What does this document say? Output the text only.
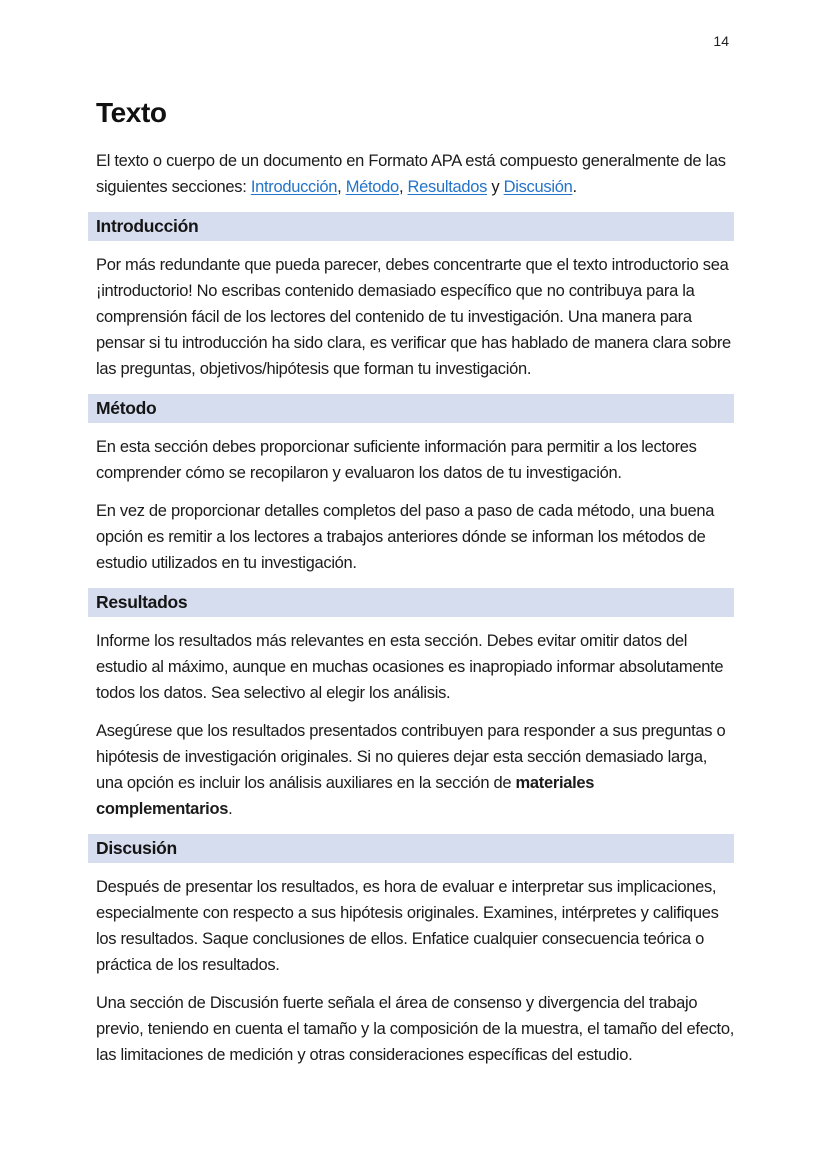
14
Texto

El texto o cuerpo de un documento en Formato APA está compuesto generalmente de las siguientes secciones: Introducción, Método, Resultados y Discusión.

Introducción

Por más redundante que pueda parecer, debes concentrarte que el texto introductorio sea ¡introductorio! No escribas contenido demasiado específico que no contribuya para la comprensión fácil de los lectores del contenido de tu investigación. Una manera para pensar si tu introducción ha sido clara, es verificar que has hablado de manera clara sobre las preguntas, objetivos/hipótesis que forman tu investigación.

Método

En esta sección debes proporcionar suficiente información para permitir a los lectores comprender cómo se recopilaron y evaluaron los datos de tu investigación.

En vez de proporcionar detalles completos del paso a paso de cada método, una buena opción es remitir a los lectores a trabajos anteriores dónde se informan los métodos de estudio utilizados en tu investigación.

Resultados

Informe los resultados más relevantes en esta sección. Debes evitar omitir datos del estudio al máximo, aunque en muchas ocasiones es inapropiado informar absolutamente todos los datos. Sea selectivo al elegir los análisis.

Asegúrese que los resultados presentados contribuyen para responder a sus preguntas o hipótesis de investigación originales. Si no quieres dejar esta sección demasiado larga, una opción es incluir los análisis auxiliares en la sección de materiales complementarios.

Discusión

Después de presentar los resultados, es hora de evaluar e interpretar sus implicaciones, especialmente con respecto a sus hipótesis originales. Examines, intérpretes y califiques los resultados. Saque conclusiones de ellos. Enfatice cualquier consecuencia teórica o práctica de los resultados.

Una sección de Discusión fuerte señala el área de consenso y divergencia del trabajo previo, teniendo en cuenta el tamaño y la composición de la muestra, el tamaño del efecto, las limitaciones de medición y otras consideraciones específicas del estudio.
